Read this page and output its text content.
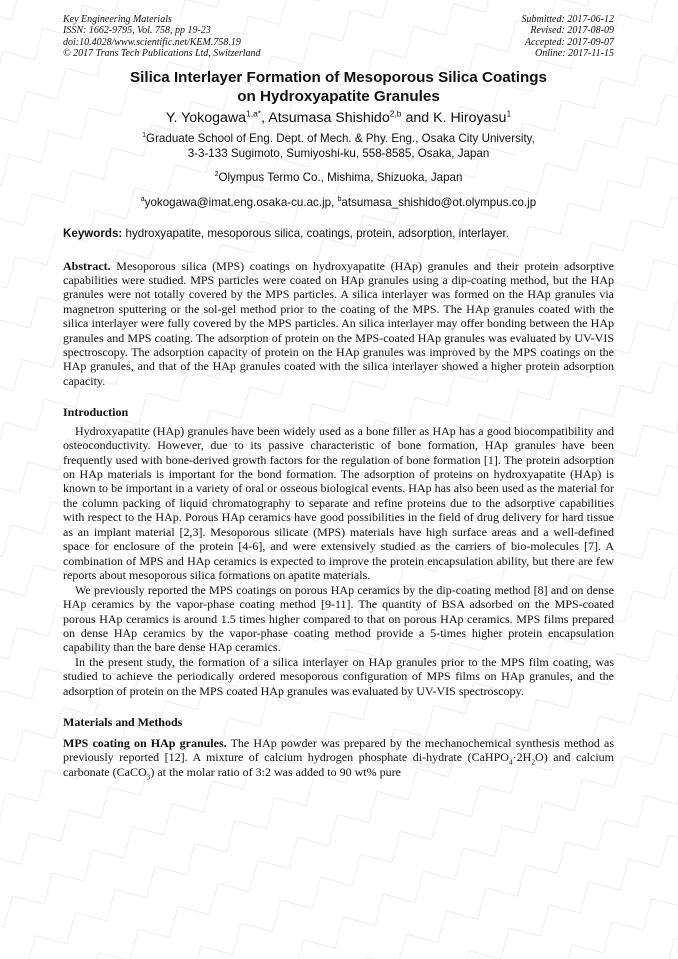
Key Engineering Materials
ISSN: 1662-9795, Vol. 758, pp 19-23
doi:10.4028/www.scientific.net/KEM.758.19
© 2017 Trans Tech Publications Ltd, Switzerland
Submitted: 2017-06-12
Revised: 2017-08-09
Accepted: 2017-09-07
Online: 2017-11-15
Silica Interlayer Formation of Mesoporous Silica Coatings
on Hydroxyapatite Granules
Y. Yokogawa$^{1,a*}$, Atsumasa Shishido$^{2,b}$ and K. Hiroyasu$^1$
$^1$Graduate School of Eng. Dept. of Mech. & Phy. Eng., Osaka City University,
3-3-133 Sugimoto, Sumiyoshi-ku, 558-8585, Osaka, Japan
$^2$Olympus Termo Co., Mishima, Shizuoka, Japan
$^a$yokogawa@imat.eng.osaka-cu.ac.jp, $^b$atsumasa_shishido@ot.olympus.co.jp
Keywords: hydroxyapatite, mesoporous silica, coatings, protein, adsorption, interlayer.

Abstract. Mesoporous silica (MPS) coatings on hydroxyapatite (HAp) granules and their protein adsorptive capabilities were studied. MPS particles were coated on HAp granules using a dip-coating method, but the HAp granules were not totally covered by the MPS particles. A silica interlayer was formed on the HAp granules via magnetron sputtering or the sol-gel method prior to the coating of the MPS. The HAp granules coated with the silica interlayer were fully covered by the MPS particles. An silica interlayer may offer bonding between the HAp granules and MPS coating. The adsorption of protein on the MPS-coated HAp granules was evaluated by UV-VIS spectroscopy. The adsorption capacity of protein on the HAp granules was improved by the MPS coatings on the HAp granules, and that of the HAp granules coated with the silica interlayer showed a higher protein adsorption capacity.

Introduction

Hydroxyapatite (HAp) granules have been widely used as a bone filler as HAp has a good biocompatibility and osteoconductivity. However, due to its passive characteristic of bone formation, HAp granules have been frequently used with bone-derived growth factors for the regulation of bone formation [1]. The protein adsorption on HAp materials is important for the bond formation. The adsorption of proteins on hydroxyapatite (HAp) is known to be important in a variety of oral or osseous biological events. HAp has also been used as the material for the column packing of liquid chromatography to separate and refine proteins due to the adsorptive capabilities with respect to the HAp. Porous HAp ceramics have good possibilities in the field of drug delivery for hard tissue as an implant material [2,3]. Mesoporous silicate (MPS) materials have high surface areas and a well-defined space for enclosure of the protein [4-6], and were extensively studied as the carriers of bio-molecules [7]. A combination of MPS and HAp ceramics is expected to improve the protein encapsulation ability, but there are few reports about mesoporous silica formations on apatite materials.

We previously reported the MPS coatings on porous HAp ceramics by the dip-coating method [8] and on dense HAp ceramics by the vapor-phase coating method [9-11]. The quantity of BSA adsorbed on the MPS-coated porous HAp ceramics is around 1.5 times higher compared to that on porous HAp ceramics. MPS films prepared on dense HAp ceramics by the vapor-phase coating method provide a 5-times higher protein encapsulation capability than the bare dense HAp ceramics.

In the present study, the formation of a silica interlayer on HAp granules prior to the MPS film coating, was studied to achieve the periodically ordered mesoporous configuration of MPS films on HAp granules, and the adsorption of protein on the MPS coated HAp granules was evaluated by UV-VIS spectroscopy.

Materials and Methods

MPS coating on HAp granules. The HAp powder was prepared by the mechanochemical synthesis method as previously reported [12]. A mixture of calcium hydrogen phosphate di-hydrate $(CaHPO_4\cdot 2H_2O)$ and calcium carbonate (CaCO$_3$) at the molar ratio of 3:2 was added to 90 wt% pure
